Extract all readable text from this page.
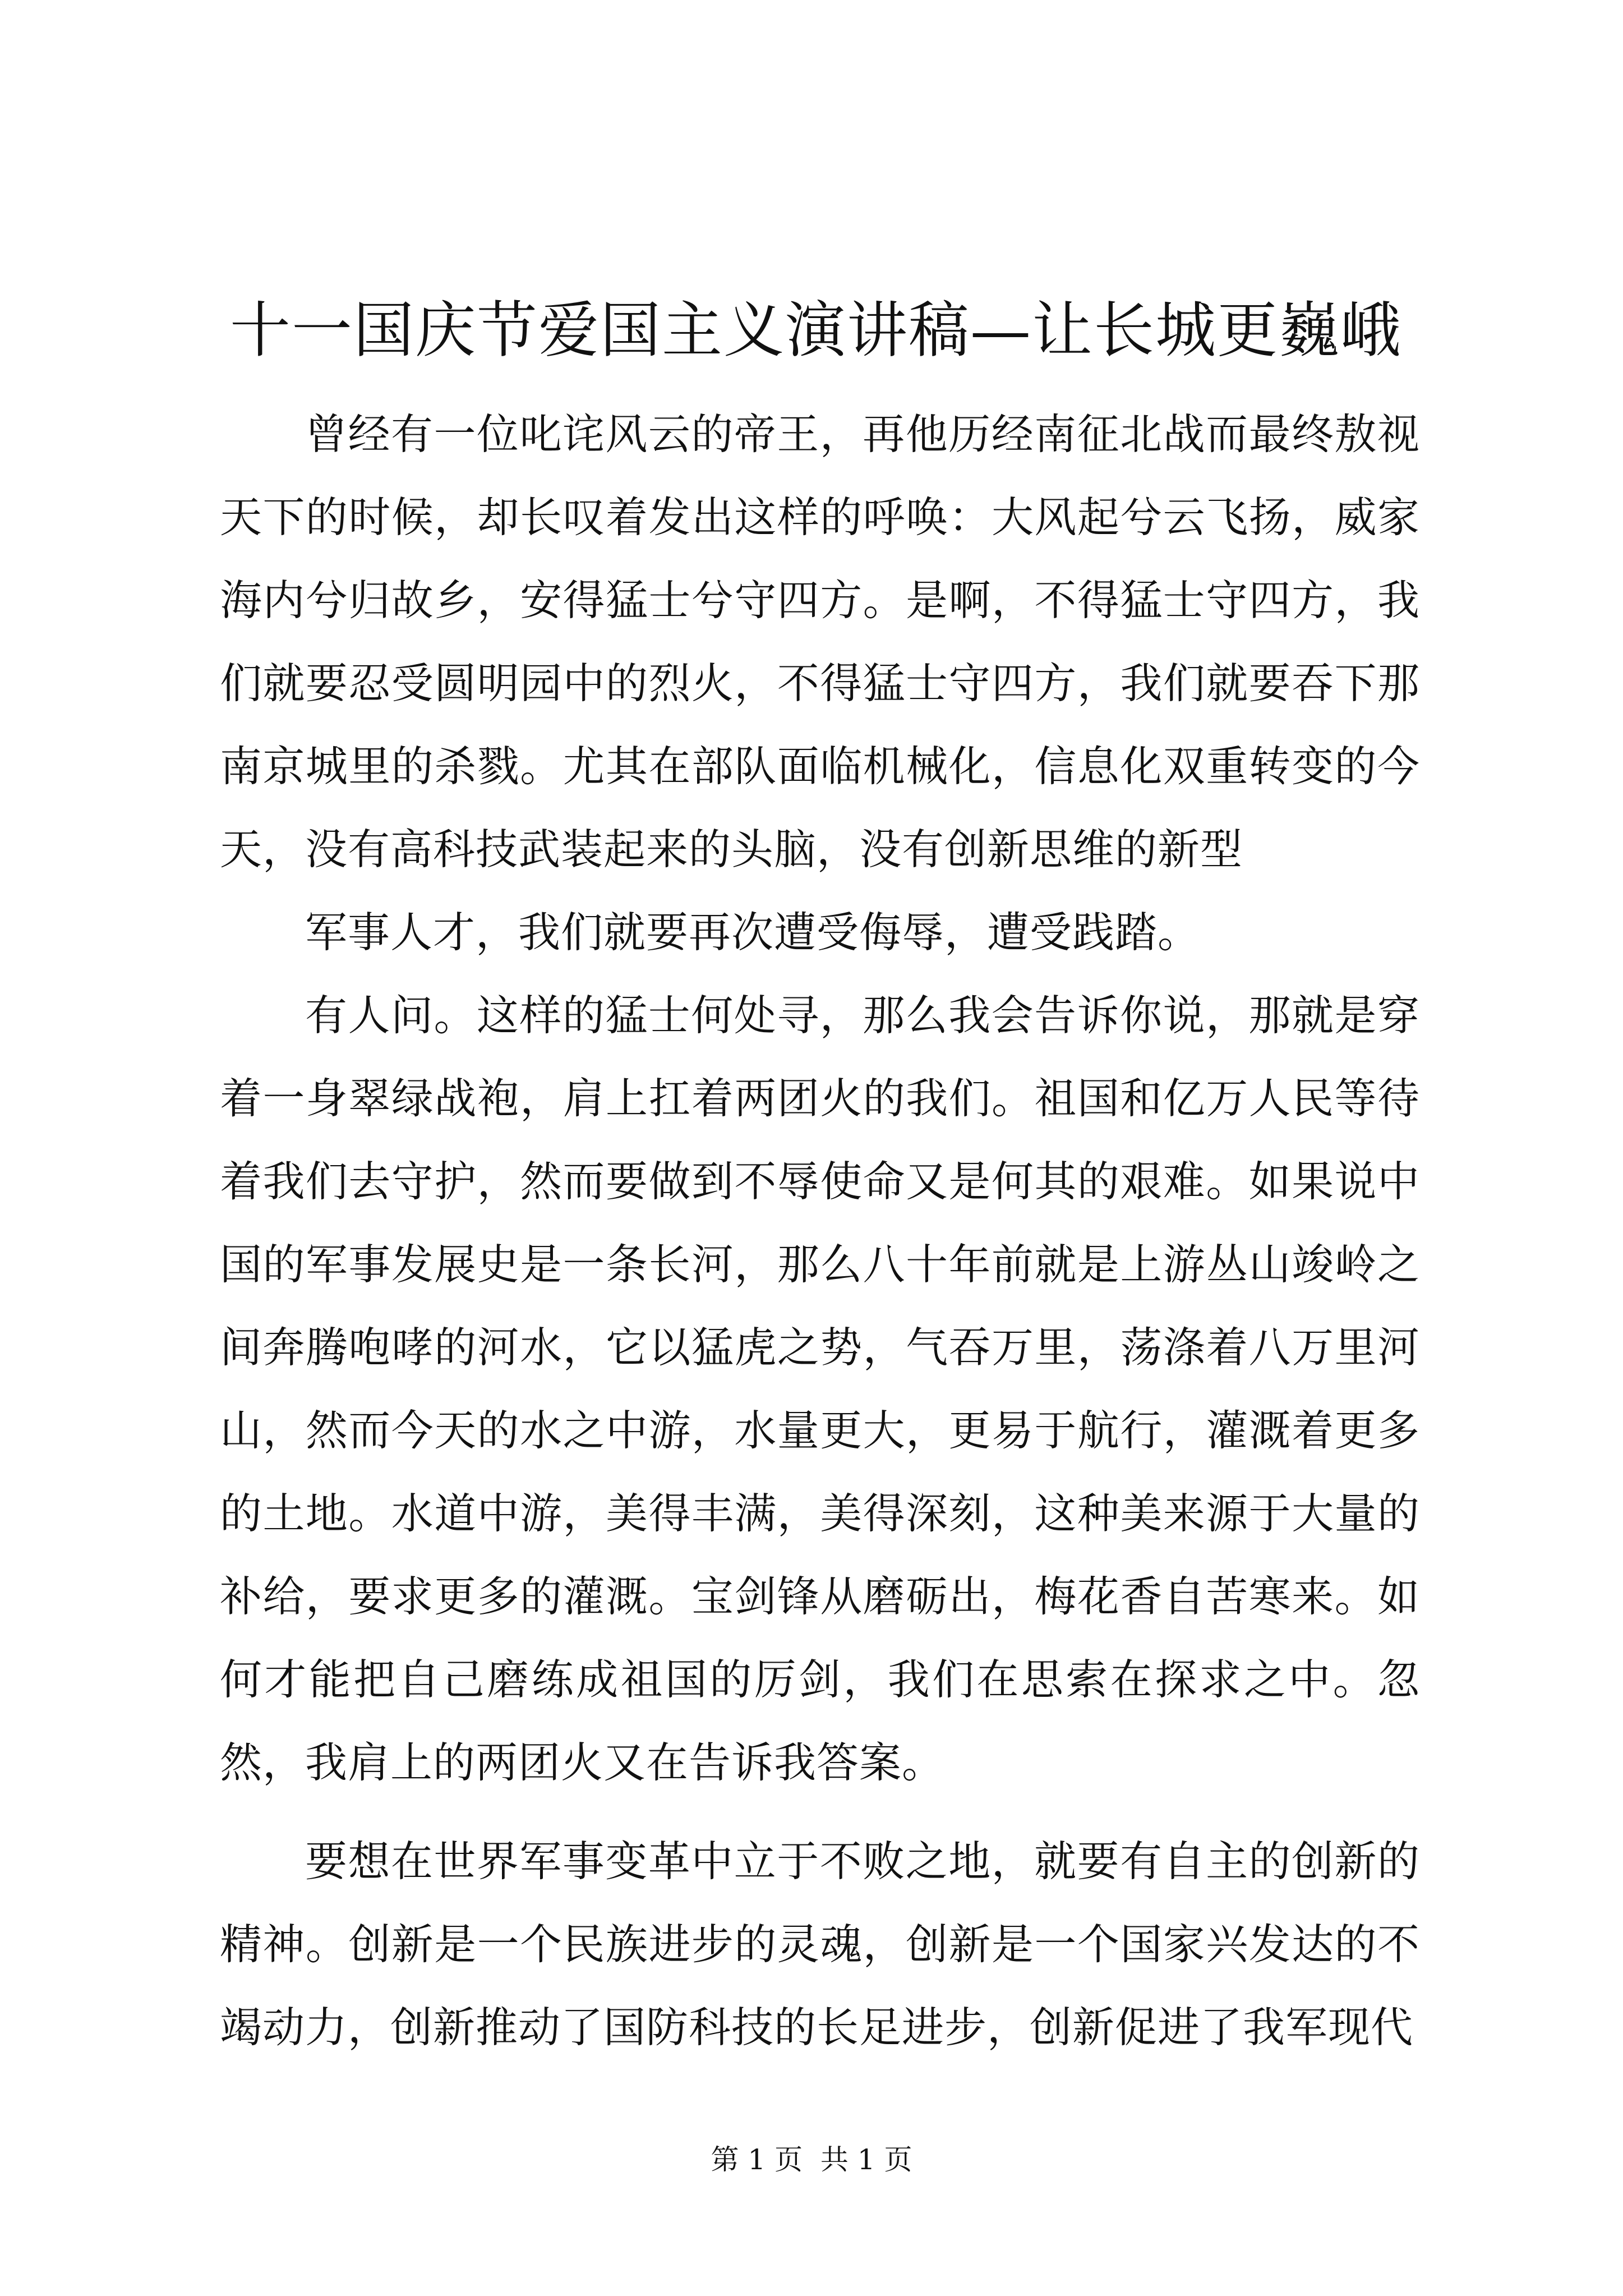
十一国庆节爱国主义演讲稿—让长城更巍峨

曾经有一位叱诧风云的帝王，再他历经南征北战而最终敖视天下的时候，却长叹着发出这样的呼唤：大风起兮云飞扬，威家海内兮归故乡，安得猛士兮守四方。是啊，不得猛士守四方，我们就要忍受圆明园中的烈火，不得猛士守四方，我们就要吞下那南京城里的杀戮。尤其在部队面临机械化，信息化双重转变的今天，没有高科技武装起来的头脑，没有创新思维的新型

军事人才，我们就要再次遭受侮辱，遭受践踏。

有人问。这样的猛士何处寻，那么我会告诉你说，那就是穿着一身翠绿战袍，肩上扛着两团火的我们。祖国和亿万人民等待着我们去守护，然而要做到不辱使命又是何其的艰难。如果说中国的军事发展史是一条长河，那么八十年前就是上游丛山竣岭之间奔腾咆哮的河水，它以猛虎之势，气吞万里，荡涤着八万里河山，然而今天的水之中游，水量更大，更易于航行，灌溉着更多的土地。水道中游，美得丰满，美得深刻，这种美来源于大量的补给，要求更多的灌溉。宝剑锋从磨砺出，梅花香自苦寒来。如何才能把自己磨练成祖国的厉剑，我们在思索在探求之中。忽然，我肩上的两团火又在告诉我答案。

要想在世界军事变革中立于不败之地，就要有自主的创新的精神。创新是一个民族进步的灵魂，创新是一个国家兴发达的不竭动力，创新推动了国防科技的长足进步，创新促进了我军现代

第 1 页  共 1 页
